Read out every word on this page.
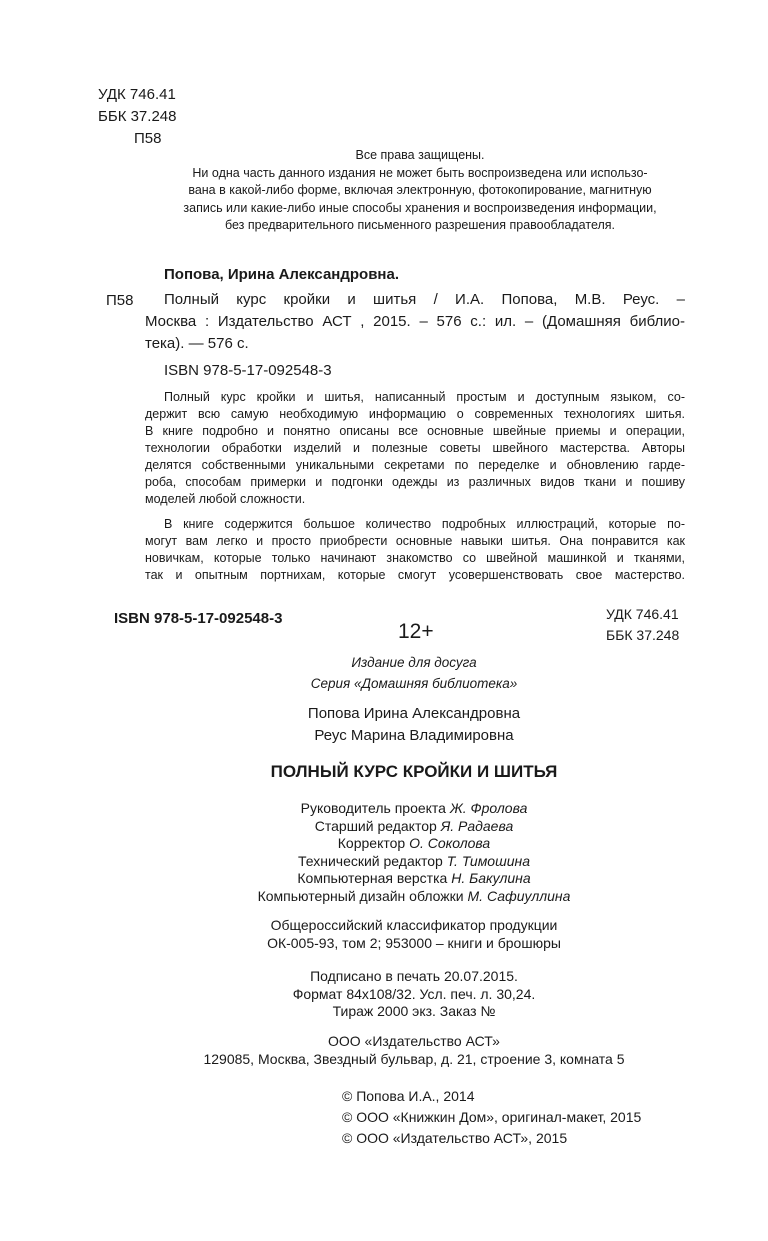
УДК 746.41
ББК 37.248
П58
Все права защищены.
Ни одна часть данного издания не может быть воспроизведена или использо-
вана в какой-либо форме, включая электронную, фотокопирование, магнитную
запись или какие-либо иные способы хранения и воспроизведения информации,
без предварительного письменного разрешения правообладателя.
Попова, Ирина Александровна.
П58	Полный курс кройки и шитья / И.А. Попова, М.В. Реус. –
Москва : Издательство АСТ , 2015. – 576 с.: ил. – (Домашняя библио-
тека). — 576 с.
ISBN 978-5-17-092548-3

Полный курс кройки и шитья, написанный простым и доступным языком, со-

держит всю самую необходимую информацию о современных технологиях шитья.

В книге подробно и понятно описаны все основные швейные приемы и операции,

технологии обработки изделий и полезные советы швейного мастерства. Авторы

делятся собственными уникальными секретами по переделке и обновлению гарде-

роба, способам примерки и подгонки одежды из различных видов ткани и пошиву

моделей любой сложности.

В книге содержится большое количество подробных иллюстраций, которые по-

могут вам легко и просто приобрести основные навыки шитья. Она понравится как

новичкам, которые только начинают знакомство со швейной машинкой и тканями,

так и опытным портнихам, которые смогут усовершенствовать свое мастерство.

ISBN 978-5-17-092548-3
12+
УДК 746.41
ББК 37.248
Издание для досуга
Серия «Домашняя библиотека»
Попова Ирина Александровна
Реус Марина Владимировна
ПОЛНЫЙ КУРС КРОЙКИ И ШИТЬЯ
Руководитель проекта Ж. Фролова
Старший редактор Я. Радаева
Корректор О. Соколова
Технический редактор Т. Тимошина
Компьютерная верстка Н. Бакулина
Компьютерный дизайн обложки М. Сафиуллина
Общероссийский классификатор продукции
ОК-005-93, том 2; 953000 – книги и брошюры
Подписано в печать 20.07.2015.
Формат 84x108/32. Усл. печ. л. 30,24.
Тираж 2000 экз. Заказ №
ООО «Издательство АСТ»
129085, Москва, Звездный бульвар, д. 21, строение 3, комната 5
© Попова И.А., 2014
© ООО «Книжкин Дом», оригинал-макет, 2015
© ООО «Издательство АСТ», 2015
